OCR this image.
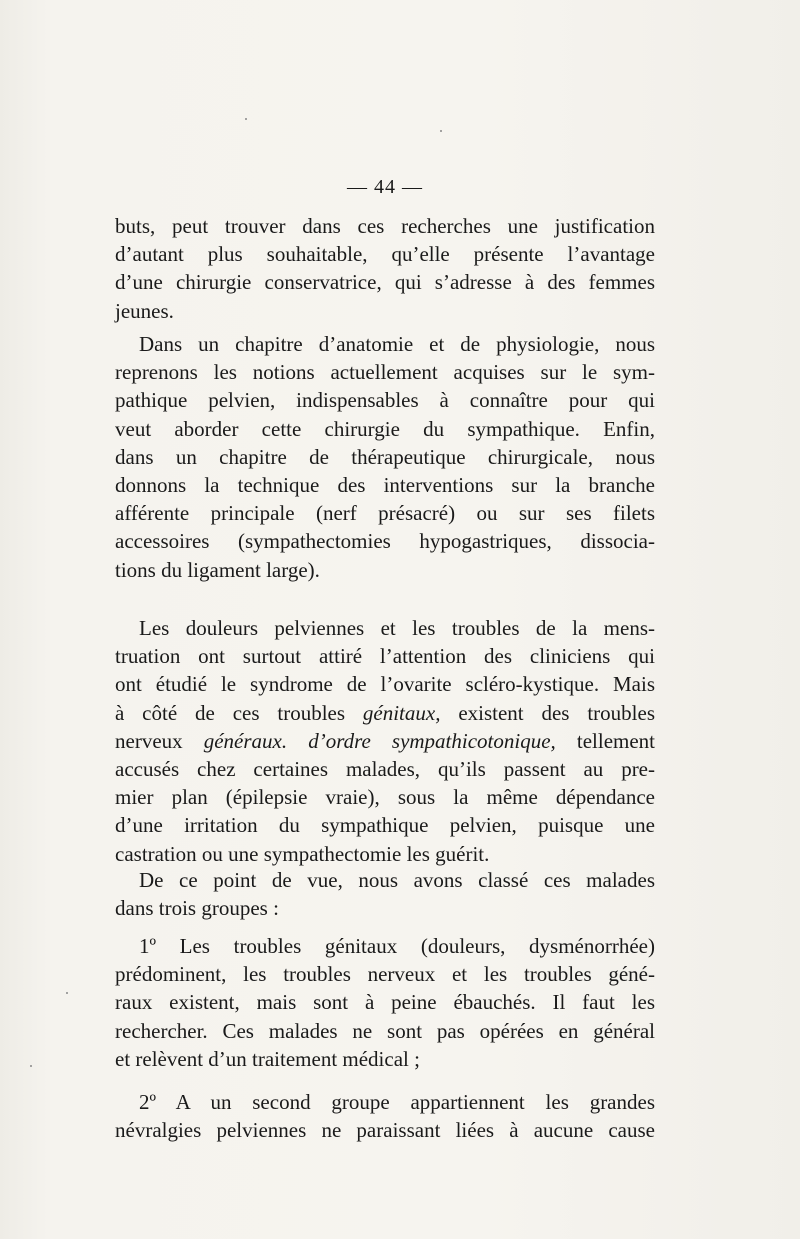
— 44 —
buts, peut trouver dans ces recherches une justification
d’autant plus souhaitable, qu’elle présente l’avantage
d’une chirurgie conservatrice, qui s’adresse à des femmes
jeunes.
Dans un chapitre d’anatomie et de physiologie, nous
reprenons les notions actuellement acquises sur le sym-
pathique pelvien, indispensables à connaître pour qui
veut aborder cette chirurgie du sympathique. Enfin,
dans un chapitre de thérapeutique chirurgicale, nous
donnons la technique des interventions sur la branche
afférente principale (nerf présacré) ou sur ses filets
accessoires (sympathectomies hypogastriques, dissocia-
tions du ligament large).
Les douleurs pelviennes et les troubles de la mens-
truation ont surtout attiré l’attention des cliniciens qui
ont étudié le syndrome de l’ovarite scléro-kystique. Mais
à côté de ces troubles génitaux, existent des troubles
nerveux généraux. d’ordre sympathicotonique, tellement
accusés chez certaines malades, qu’ils passent au pre-
mier plan (épilepsie vraie), sous la même dépendance
d’une irritation du sympathique pelvien, puisque une
castration ou une sympathectomie les guérit.
De ce point de vue, nous avons classé ces malades
dans trois groupes :
1º Les troubles génitaux (douleurs, dysménorrhée)
prédominent, les troubles nerveux et les troubles géné-
raux existent, mais sont à peine ébauchés. Il faut les
rechercher. Ces malades ne sont pas opérées en général
et relèvent d’un traitement médical ;
2º A un second groupe appartiennent les grandes
névralgies pelviennes ne paraissant liées à aucune cause
